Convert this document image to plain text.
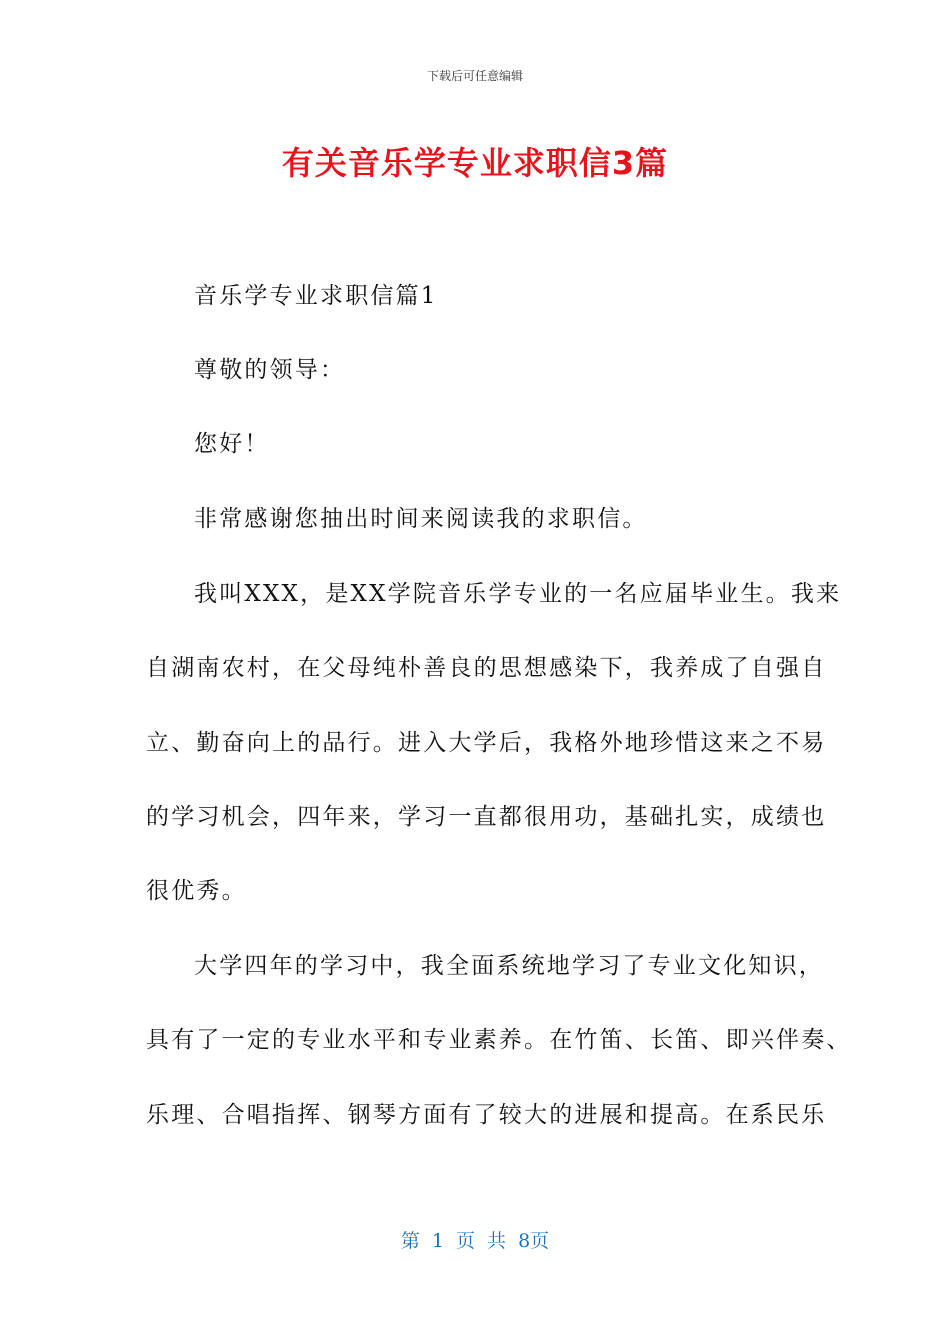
下载后可任意编辑
有关音乐学专业求职信3篇
音乐学专业求职信篇1
尊敬的领导：
您好！
非常感谢您抽出时间来阅读我的求职信。
我叫XXX，是XX学院音乐学专业的一名应届毕业生。我来
自湖南农村，在父母纯朴善良的思想感染下，我养成了自强自
立、勤奋向上的品行。进入大学后，我格外地珍惜这来之不易
的学习机会，四年来，学习一直都很用功，基础扎实，成绩也
很优秀。
大学四年的学习中，我全面系统地学习了专业文化知识，
具有了一定的专业水平和专业素养。在竹笛、长笛、即兴伴奏、
乐理、合唱指挥、钢琴方面有了较大的进展和提高。在系民乐
第 1 页 共 8页
